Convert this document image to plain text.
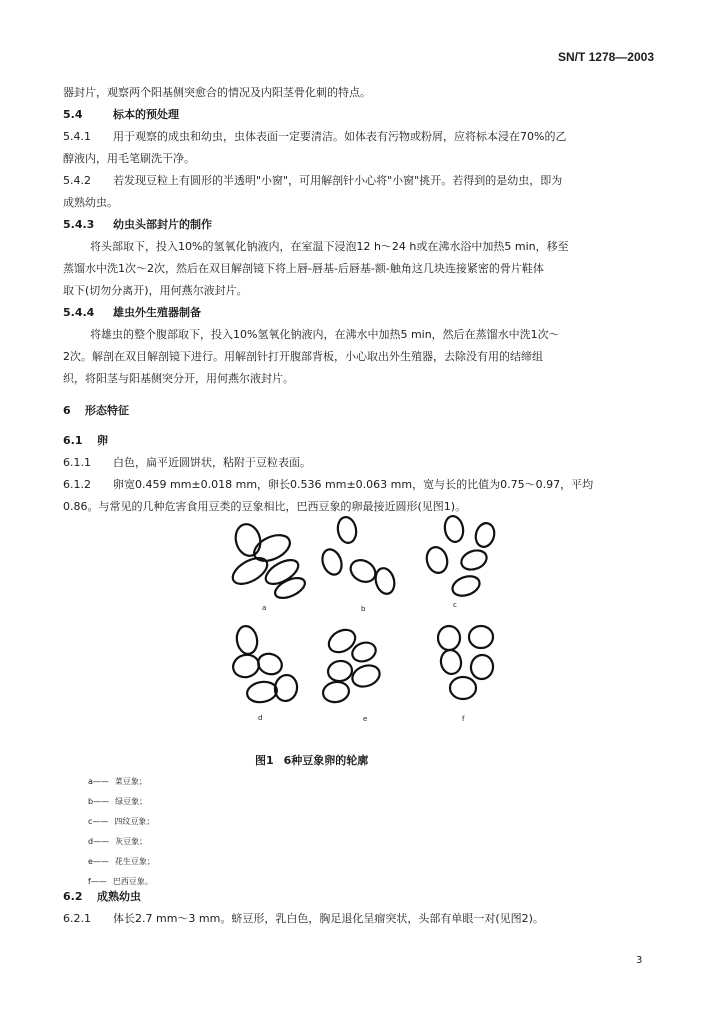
SN/T 1278—2003
器封片，观察两个阳基侧突愈合的情况及内阳茎骨化刺的特点。
5.4	标本的预处理
5.4.1 用于观察的成虫和幼虫，虫体表面一定要清洁。如体表有污物或粉屑，应将标本浸在70%的乙
醇液内，用毛笔刷洗干净。
5.4.2 若发现豆粒上有圆形的半透明"小窗"，可用解剖针小心将"小窗"挑开。若得到的是幼虫，即为
成熟幼虫。
5.4.3 幼虫头部封片的制作
将头部取下，投入10%的氢氧化钠液内，在室温下浸泡12 h～24 h或在沸水浴中加热5 min，移至
蒸馏水中洗1次～2次，然后在双目解剖镜下将上唇-唇基-后唇基-额-触角这几块连接紧密的骨片鞋体
取下(切勿分离开)，用何燕尔液封片。
5.4.4 雄虫外生殖器制备
将雄虫的整个腹部取下，投入10%氢氧化钠液内，在沸水中加热5 min，然后在蒸馏水中洗1次～
2次。解剖在双目解剖镜下进行。用解剖针打开腹部背板，小心取出外生殖器，去除没有用的结缔组
织，将阳茎与阳基侧突分开，用何燕尔液封片。
6 形态特征
6.1 卵
6.1.1 白色，扁平近圆饼状，粘附于豆粒表面。
6.1.2 卵宽0.459 mm±0.018 mm，卵长0.536 mm±0.063 mm，宽与长的比值为0.75～0.97，平均
0.86。与常见的几种危害食用豆类的豆象相比，巴西豆象的卵最接近圆形(见图1)。
a	b	c
d	e	f
图1 6种豆象卵的轮廓
a—— 菜豆象；
b—— 绿豆象；
c—— 四纹豆象；
d—— 灰豆象；
e—— 花生豆象；
f—— 巴西豆象。
6.2 成熟幼虫
6.2.1 体长2.7 mm～3 mm。蛴豆形，乳白色，胸足退化呈瘤突状，头部有单眼一对(见图2)。
3
